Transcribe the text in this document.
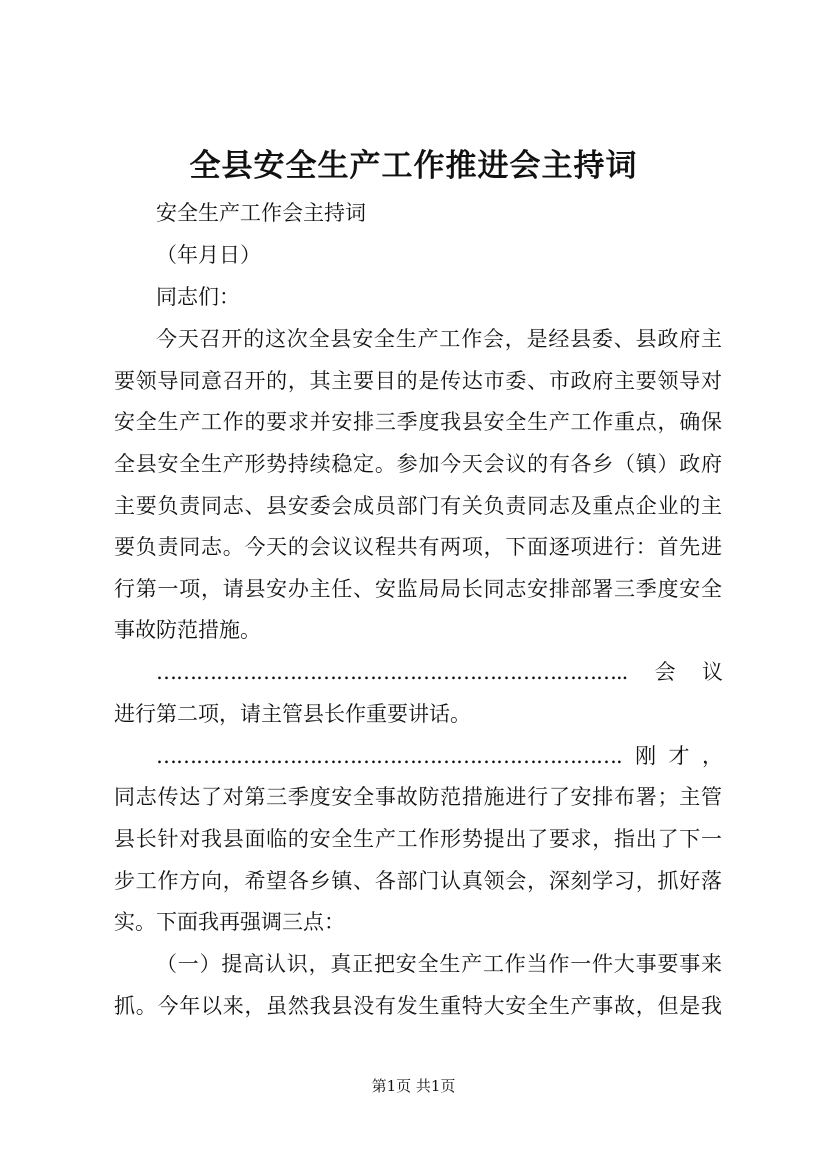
全县安全生产工作推进会主持词
安全生产工作会主持词
（年月日）
同志们：
今天召开的这次全县安全生产工作会，是经县委、县政府主
要领导同意召开的，其主要目的是传达市委、市政府主要领导对
安全生产工作的要求并安排三季度我县安全生产工作重点，确保
全县安全生产形势持续稳定。参加今天会议的有各乡（镇）政府
主要负责同志、县安委会成员部门有关负责同志及重点企业的主
要负责同志。今天的会议议程共有两项，下面逐项进行：首先进
行第一项，请县安办主任、安监局局长同志安排部署三季度安全
事故防范措施。
……………………………………………………………..会议
进行第二项，请主管县长作重要讲话。
…………………………………………………………….刚才，
同志传达了对第三季度安全事故防范措施进行了安排布署；主管
县长针对我县面临的安全生产工作形势提出了要求，指出了下一
步工作方向，希望各乡镇、各部门认真领会，深刻学习，抓好落
实。下面我再强调三点：
（一）提高认识，真正把安全生产工作当作一件大事要事来
抓。今年以来，虽然我县没有发生重特大安全生产事故，但是我
第1页 共1页
